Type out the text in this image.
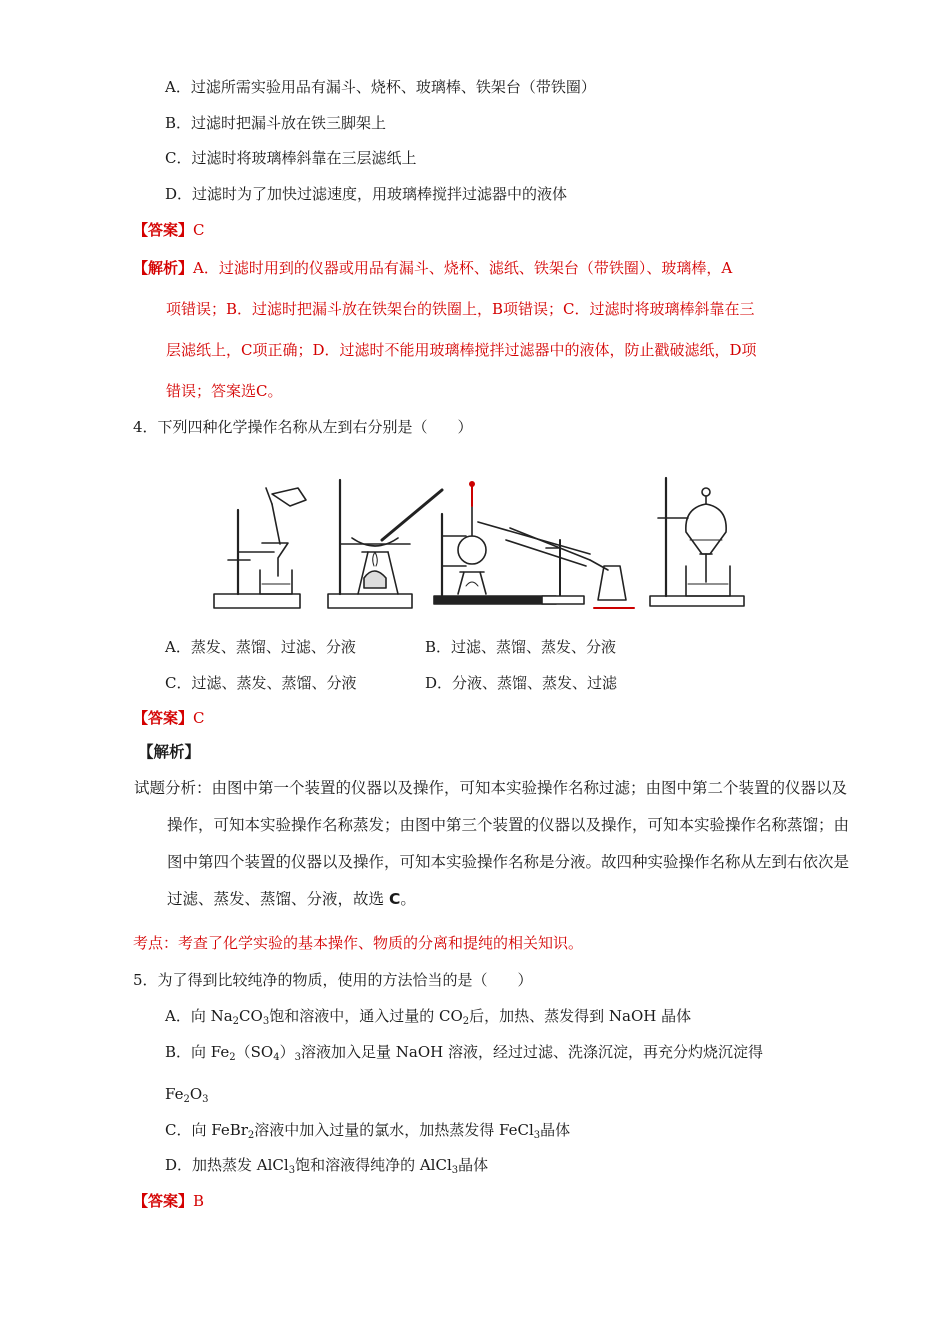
A．过滤所需实验用品有漏斗、烧杯、玻璃棒、铁架台（带铁圈）
B．过滤时把漏斗放在铁三脚架上
C．过滤时将玻璃棒斜靠在三层滤纸上
D．过滤时为了加快过滤速度，用玻璃棒搅拌过滤器中的液体
【答案】C
【解析】A．过滤时用到的仪器或用品有漏斗、烧杯、滤纸、铁架台（带铁圈）、玻璃棒，A
项错误；B．过滤时把漏斗放在铁架台的铁圈上，B项错误；C．过滤时将玻璃棒斜靠在三
层滤纸上，C项正确；D．过滤时不能用玻璃棒搅拌过滤器中的液体，防止戳破滤纸，D项
错误；答案选C。
4．下列四种化学操作名称从左到右分别是（　　）
A．蒸发、蒸馏、过滤、分液	B．过滤、蒸馏、蒸发、分液
C．过滤、蒸发、蒸馏、分液	D．分液、蒸馏、蒸发、过滤
【答案】C
【解析】
试题分析：由图中第一个装置的仪器以及操作，可知本实验操作名称过滤；由图中第二个装置的仪器以及
操作，可知本实验操作名称蒸发；由图中第三个装置的仪器以及操作，可知本实验操作名称蒸馏；由
图中第四个装置的仪器以及操作，可知本实验操作名称是分液。故四种实验操作名称从左到右依次是
过滤、蒸发、蒸馏、分液，故选 C。
考点：考查了化学实验的基本操作、物质的分离和提纯的相关知识。
5．为了得到比较纯净的物质，使用的方法恰当的是（　　）
A．向 $Na_2CO_3$饱和溶液中，通入过量的 $CO_2$后，加热、蒸发得到 NaOH 晶体
B．向 $Fe_2(SO_4)_3$溶液加入足量 NaOH 溶液，经过过滤、洗涤沉淀，再充分灼烧沉淀得
$Fe_2O_3$
C．向 FeBr$_2$溶液中加入过量的氯水，加热蒸发得 FeCl$_3$晶体
D．加热蒸发 AlCl$_3$饱和溶液得纯净的 AlCl$_3$晶体
【答案】B
